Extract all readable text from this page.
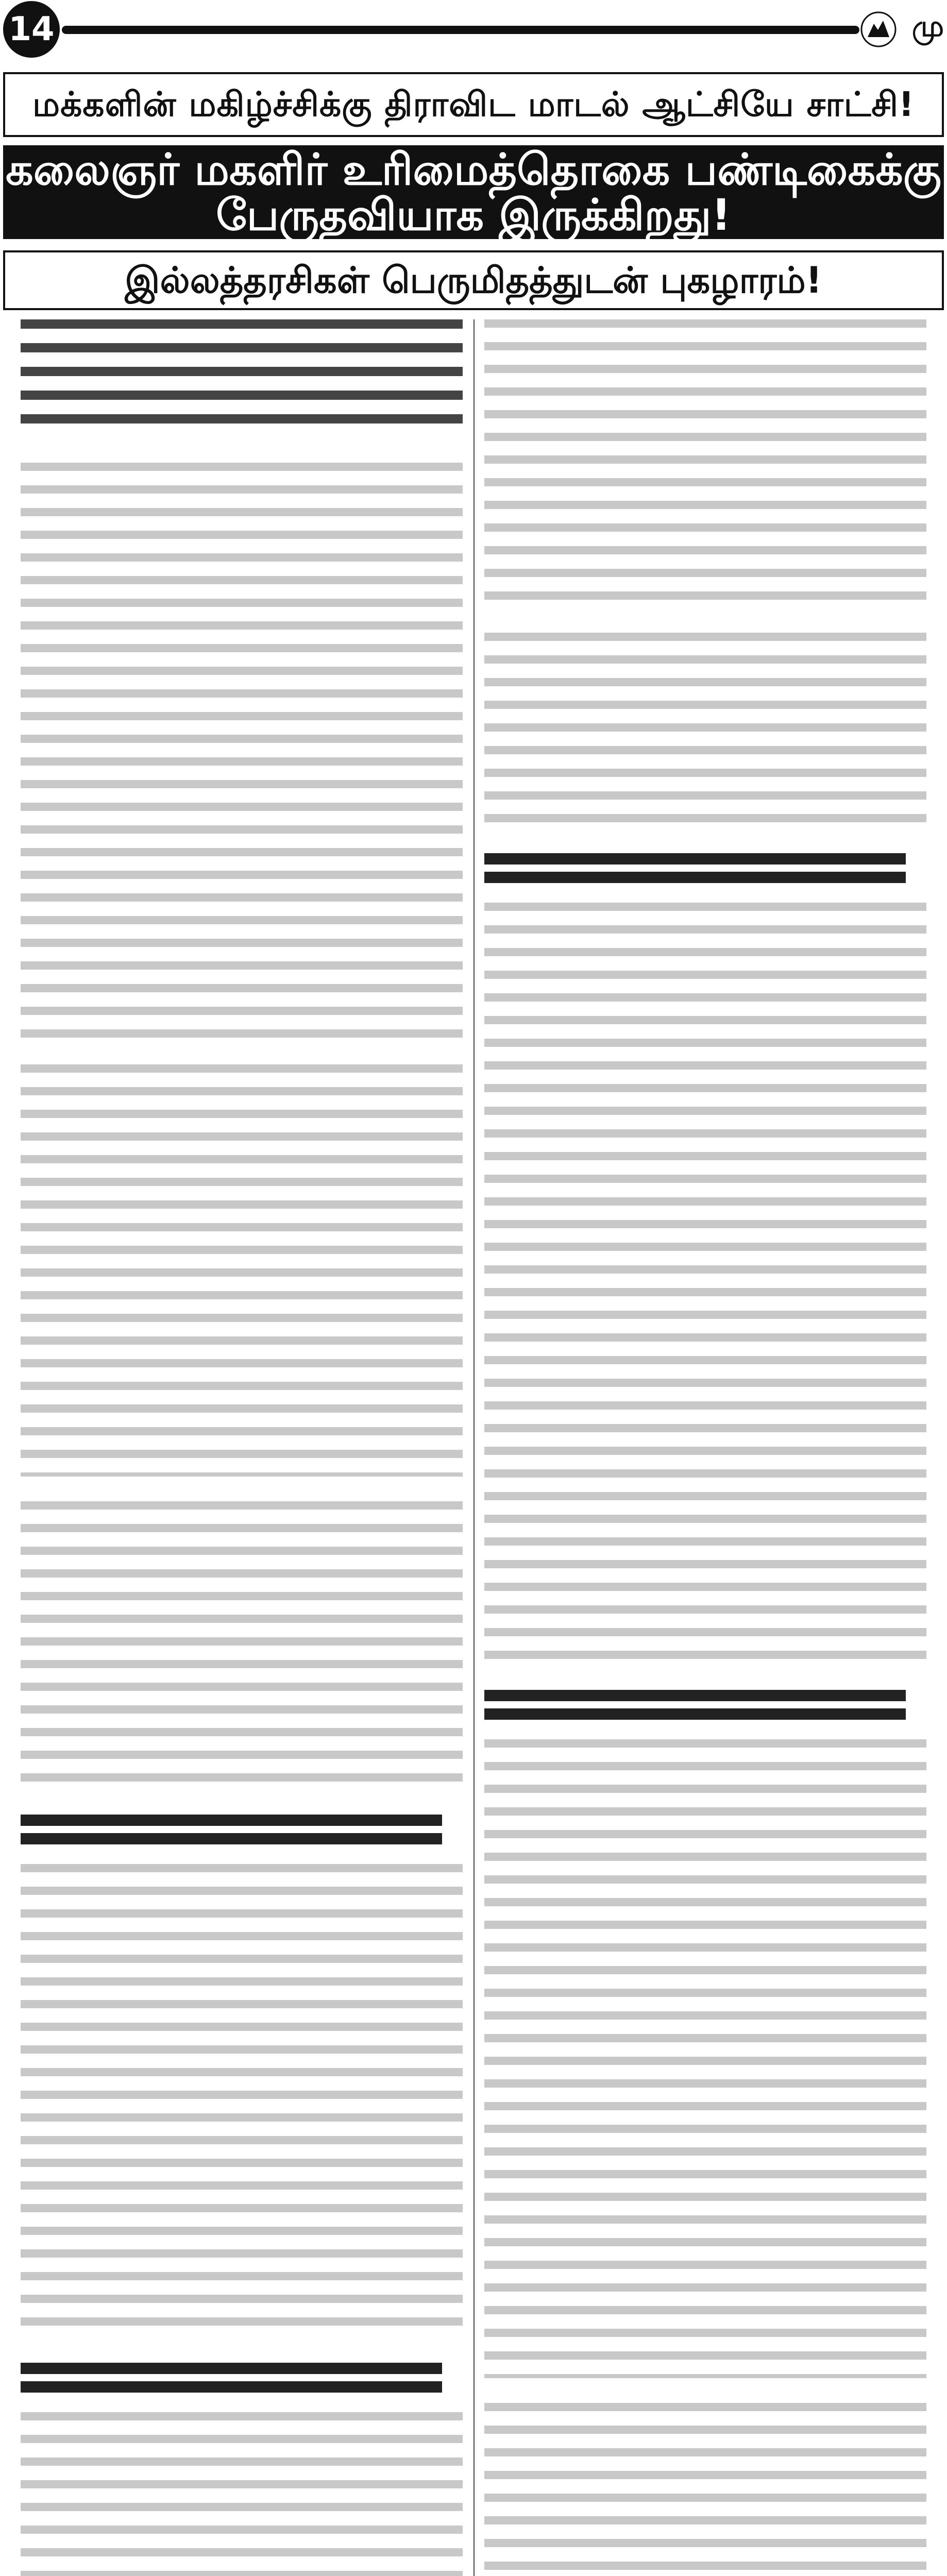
14	மு
மக்களின் மகிழ்ச்சிக்கு திராவிட மாடல் ஆட்சியே சாட்சி!
கலைஞர் மகளிர் உரிமைத்தொகை பண்டிகைக்கு பேருதவியாக இருக்கிறது!
இல்லத்தரசிகள் பெருமிதத்துடன் புகழாரம்!
